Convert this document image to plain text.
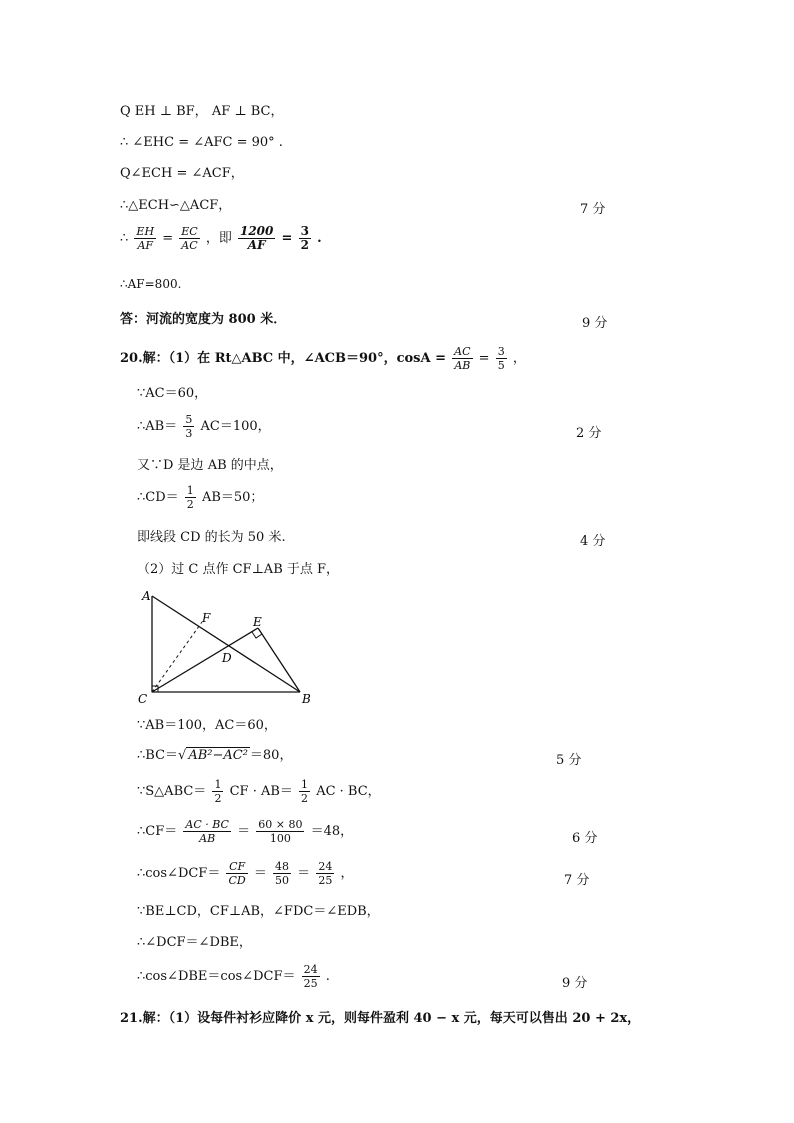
Q EH ⊥ BF， AF ⊥ BC，
∴ ∠EHC = ∠AFC = 90° .
Q∠ECH = ∠ACF，
∴△ECH∽△ACF，	7 分
∴ $\frac{EH}{AF} = \frac{EC}{AC}$ ，即 $\frac{1200}{AF} = \frac{3}{2}$ .
∴AF=800.
答：河流的宽度为 800 米．	9 分
20.解：（1）在 Rt△ABC 中，∠ACB＝90°，$\cos A = \frac{AC}{AB} = \frac{3}{5}$ ，
∵AC＝60，
∴AB＝ $\frac{5}{3} AC=100$，	2 分
又∵D 是边 AB 的中点，
∴CD＝ $\frac{1}{2} AB=50$；
即线段 CD 的长为 50 米.	4 分
（2）过 C 点作 CF⊥AB 于点 F，
A
B
C
D
E
F
∵AB＝100，AC＝60，
∴BC＝√ AB²−AC² ＝80，	5 分
∵S△ABC＝ $\frac{1}{2}$ CF · $AB= \frac{1}{2}$ AC · BC，
∴CF＝ $\frac{AC \cdot BC}{AB} = \frac{60 \times 80}{100} =48$，	6 分
∴cos∠DCF＝ $\frac{CF}{CD} = \frac{48}{50} = \frac{24}{25}$ ，	7 分
∵BE⊥CD，CF⊥AB，∠FDC＝∠EDB，
∴∠DCF＝∠DBE，
∴cos∠DBE＝cos∠DCF＝ $\frac{24}{25}$ .	9 分
21.解：（1）设每件衬衫应降价 x 元，则每件盈利 40 − x 元，每天可以售出 20 + 2x，
